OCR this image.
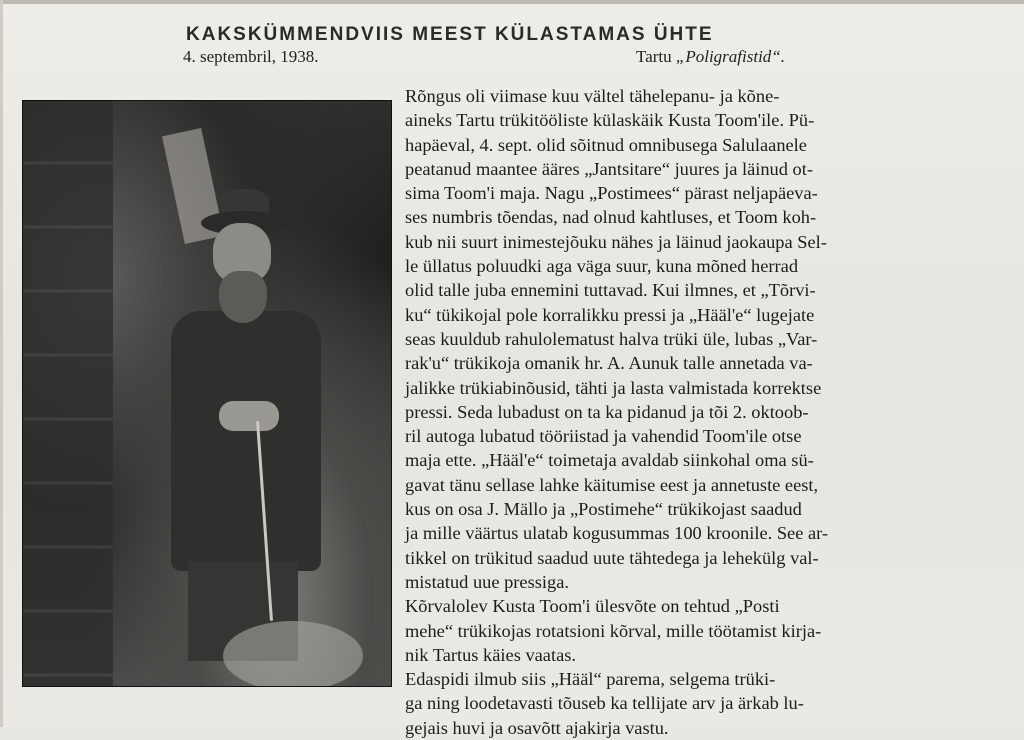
KAKSKÜMMENDVIIS MEEST KÜLASTAMAS ÜHTE
4. septembril, 1938.	Tartu „Poligrafistid“.
Rõngus oli viimase kuu vältel tähelepanu- ja kõne-
aineks Tartu trükitööliste külaskäik Kusta Toom'ile. Pü-
hapäeval, 4. sept. olid sõitnud omnibusega Salulaanele
peatanud maantee ääres „Jantsitare“ juures ja läinud ot-
sima Toom'i maja. Nagu „Postimees“ pärast neljapäeva-
ses numbris tõendas, nad olnud kahtluses, et Toom koh-
kub nii suurt inimestejõuku nähes ja läinud jaokaupa Sel-
le üllatus poluudki aga väga suur, kuna mõned herrad
olid talle juba ennemini tuttavad. Kui ilmnes, et „Tõrvi-
ku“ tükikojal pole korralikku pressi ja „Hääl'e“ lugejate
seas kuuldub rahulolematust halva trüki üle, lubas „Var-
rak'u“ trükikoja omanik hr. A. Aunuk talle annetada va-
jalikke trükiabinõusid, tähti ja lasta valmistada korrektse
pressi. Seda lubadust on ta ka pidanud ja tõi 2. oktoob-
ril autoga lubatud tööriistad ja vahendid Toom'ile otse
maja ette. „Hääl'e“ toimetaja avaldab siinkohal oma sü-
gavat tänu sellase lahke käitumise eest ja annetuste eest,
kus on osa J. Mällo ja „Postimehe“ trükikojast saadud
ja mille väärtus ulatab kogusummas 100 kroonile. See ar-
tikkel on trükitud saadud uute tähtedega ja lehekülg val-
mistatud uue pressiga.
Kõrvalolev Kusta Toom'i ülesvõte on tehtud „Posti
mehe“ trükikojas rotatsioni kõrval, mille töötamist kirja-
nik Tartus käies vaatas.
Edaspidi ilmub siis „Hääl“ parema, selgema trüki-
ga ning loodetavasti tõuseb ka tellijate arv ja ärkab lu-
gejais huvi ja osavõtt ajakirja vastu.
